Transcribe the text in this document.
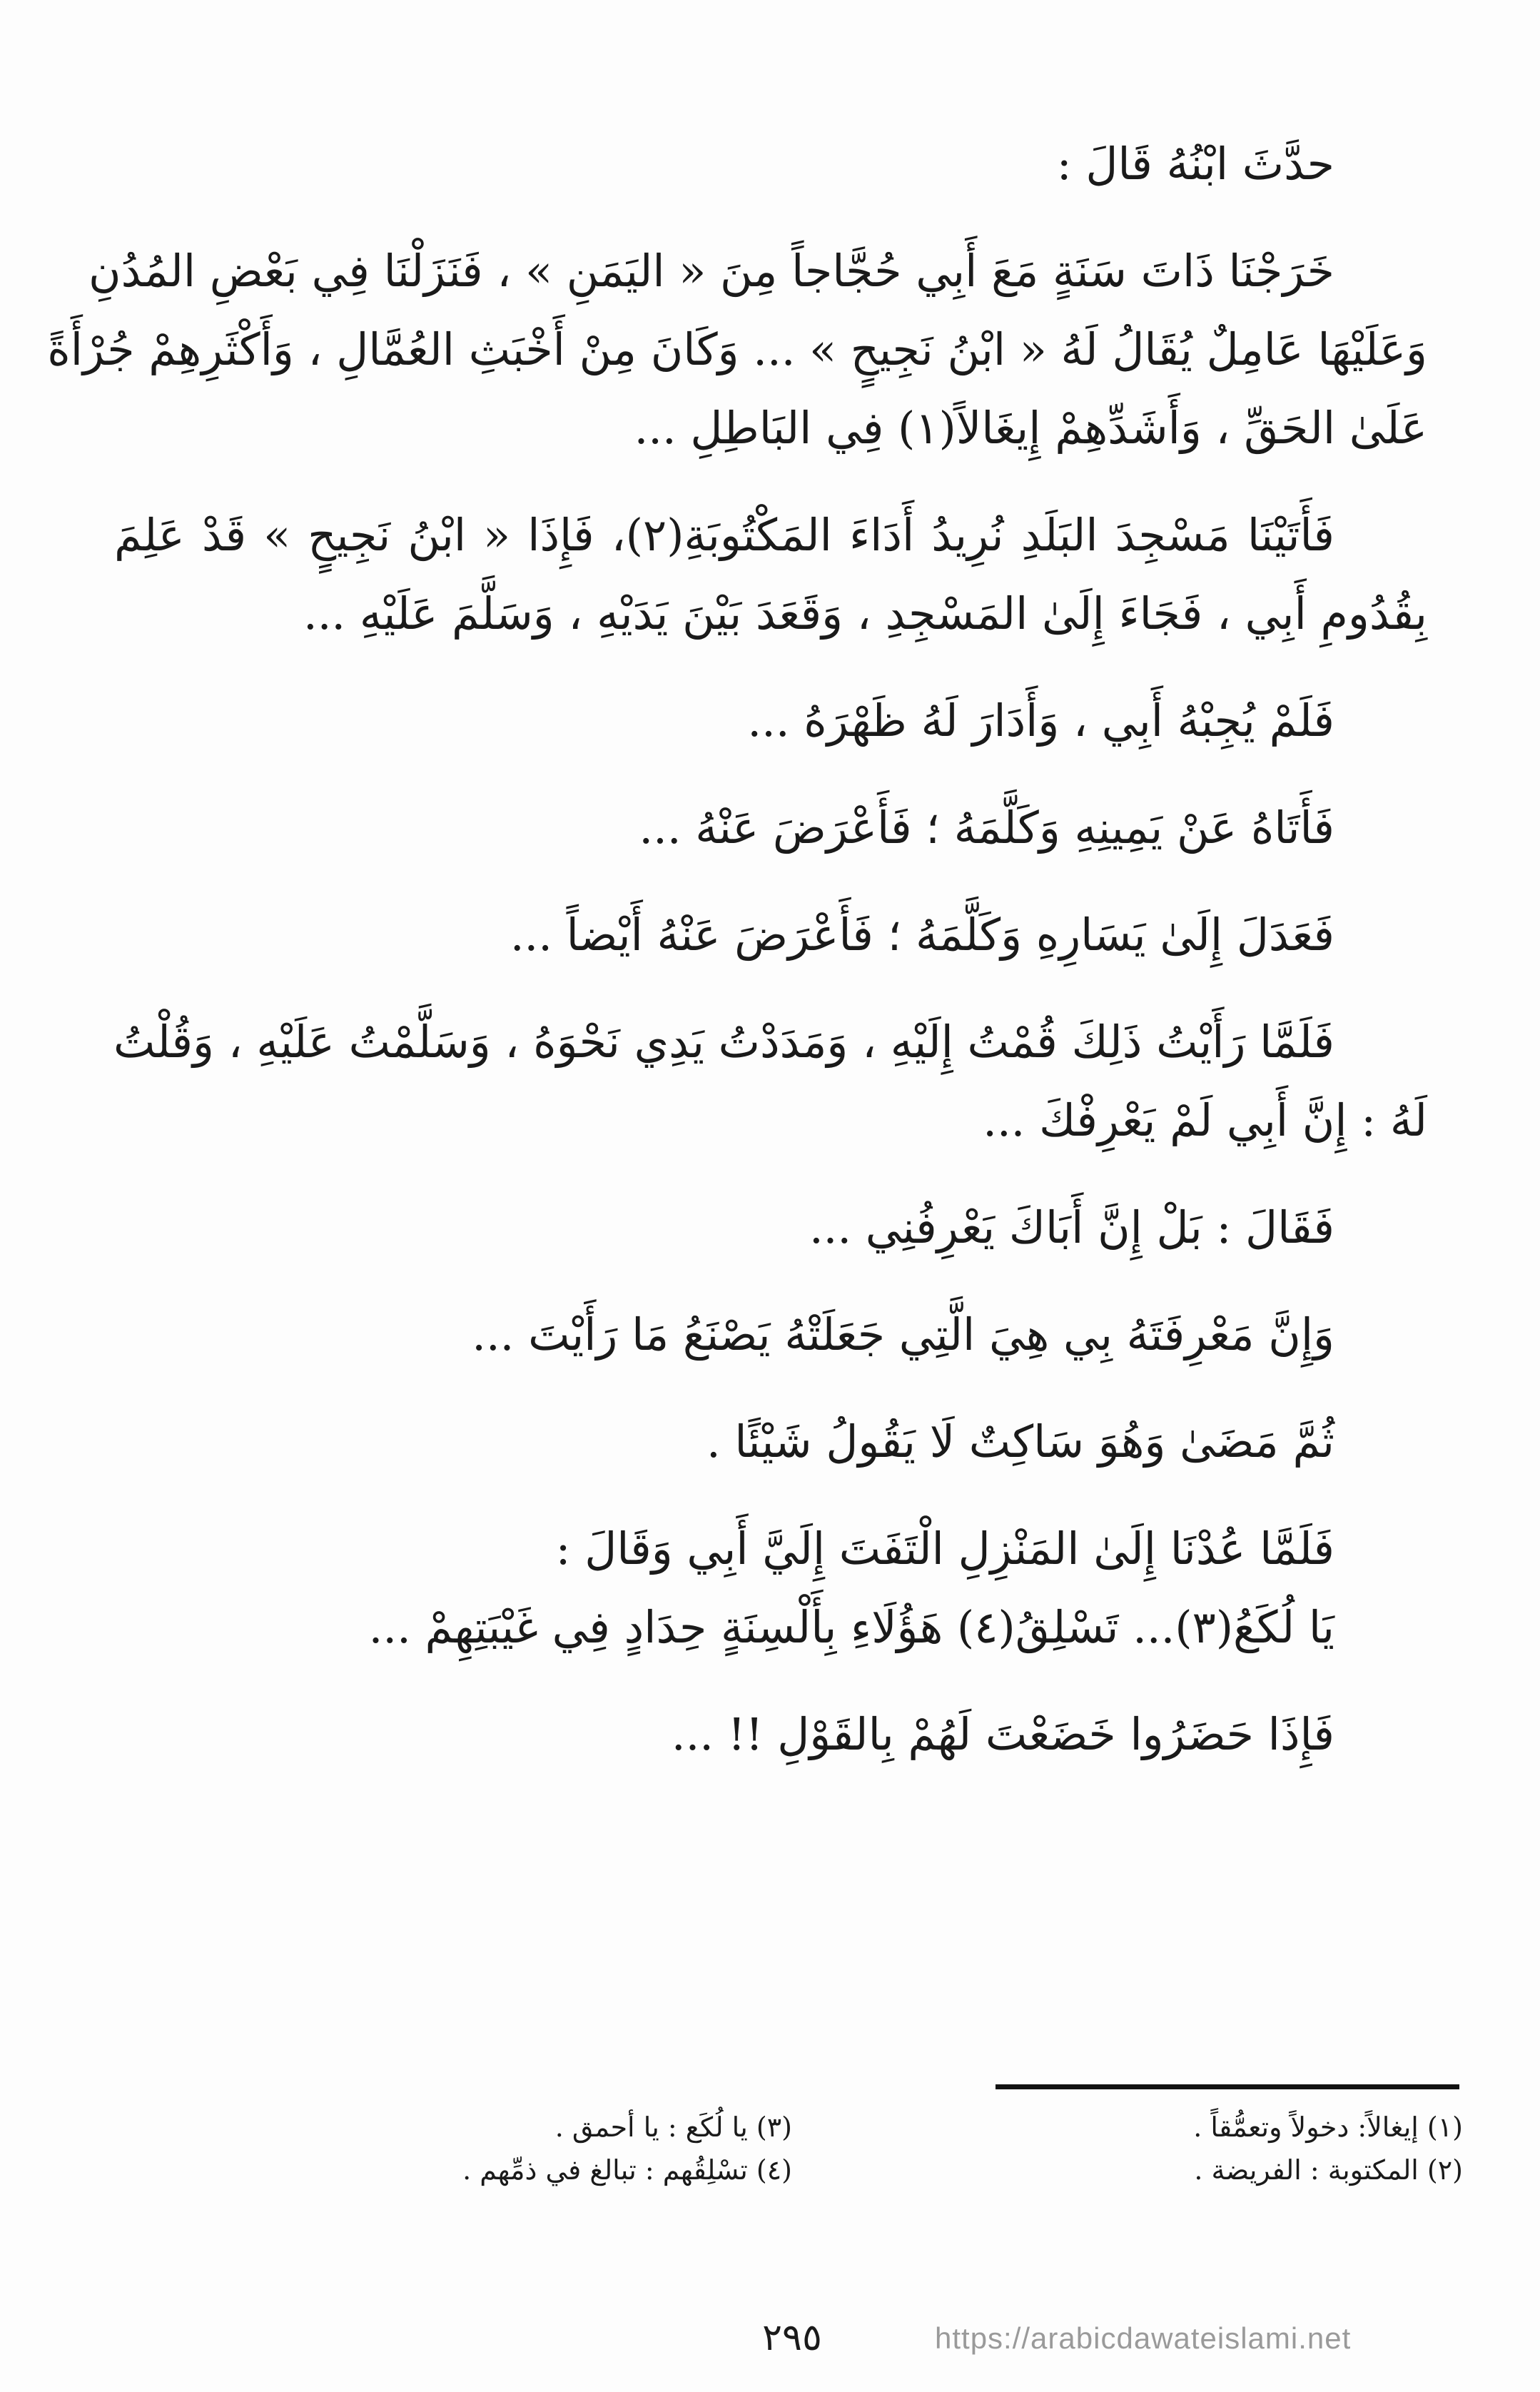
حدَّثَ ابْنُهُ قَالَ :

خَرَجْنَا ذَاتَ سَنَةٍ مَعَ أَبِي حُجَّاجاً مِنَ « اليَمَنِ » ، فَنَزَلْنَا فِي بَعْضِ المُدُنِ

وَعَلَيْهَا عَامِلٌ يُقَالُ لَهُ « ابْنُ نَجِيحٍ » ... وَكَانَ مِنْ أَخْبَثِ العُمَّالِ ، وَأَكْثَرِهِمْ جُرْأَةً

عَلَىٰ الحَقِّ ، وَأَشَدِّهِمْ إِيغَالاً(١) فِي البَاطِلِ ...

فَأَتَيْنَا مَسْجِدَ البَلَدِ نُرِيدُ أَدَاءَ المَكْتُوبَةِ(٢)، فَإِذَا « ابْنُ نَجِيحٍ » قَدْ عَلِمَ

بِقُدُومِ أَبِي ، فَجَاءَ إِلَىٰ المَسْجِدِ ، وَقَعَدَ بَيْنَ يَدَيْهِ ، وَسَلَّمَ عَلَيْهِ ...

فَلَمْ يُجِبْهُ أَبِي ، وَأَدَارَ لَهُ ظَهْرَهُ ...

فَأَتَاهُ عَنْ يَمِينِهِ وَكَلَّمَهُ ؛ فَأَعْرَضَ عَنْهُ ...

فَعَدَلَ إِلَىٰ يَسَارِهِ وَكَلَّمَهُ ؛ فَأَعْرَضَ عَنْهُ أَيْضاً ...

فَلَمَّا رَأَيْتُ ذَلِكَ قُمْتُ إِلَيْهِ ، وَمَدَدْتُ يَدِي نَحْوَهُ ، وَسَلَّمْتُ عَلَيْهِ ، وَقُلْتُ

لَهُ : إِنَّ أَبِي لَمْ يَعْرِفْكَ ...

فَقَالَ : بَلْ إِنَّ أَبَاكَ يَعْرِفُنِي ...

وَإِنَّ مَعْرِفَتَهُ بِي هِيَ الَّتِي جَعَلَتْهُ يَصْنَعُ مَا رَأَيْتَ ...

ثُمَّ مَضَىٰ وَهُوَ سَاكِتٌ لَا يَقُولُ شَيْئًا .

فَلَمَّا عُدْنَا إِلَىٰ المَنْزِلِ الْتَفَتَ إِلَيَّ أَبِي وَقَالَ :

يَا لُكَعُ(٣)... تَسْلِقُ(٤) هَؤُلَاءِ بِأَلْسِنَةٍ حِدَادٍ فِي غَيْبَتِهِمْ ...

فَإِذَا حَضَرُوا خَضَعْتَ لَهُمْ بِالقَوْلِ !! ...

(١) إيغالاً: دخولاً وتعمُّقاً .
(٢) المكتوبة : الفريضة .
(٣) يا لُكَع : يا أحمق .
(٤) تسْلِقُهم : تبالغ في ذمِّهم .
٢٩٥	https://arabicdawateislami.net
